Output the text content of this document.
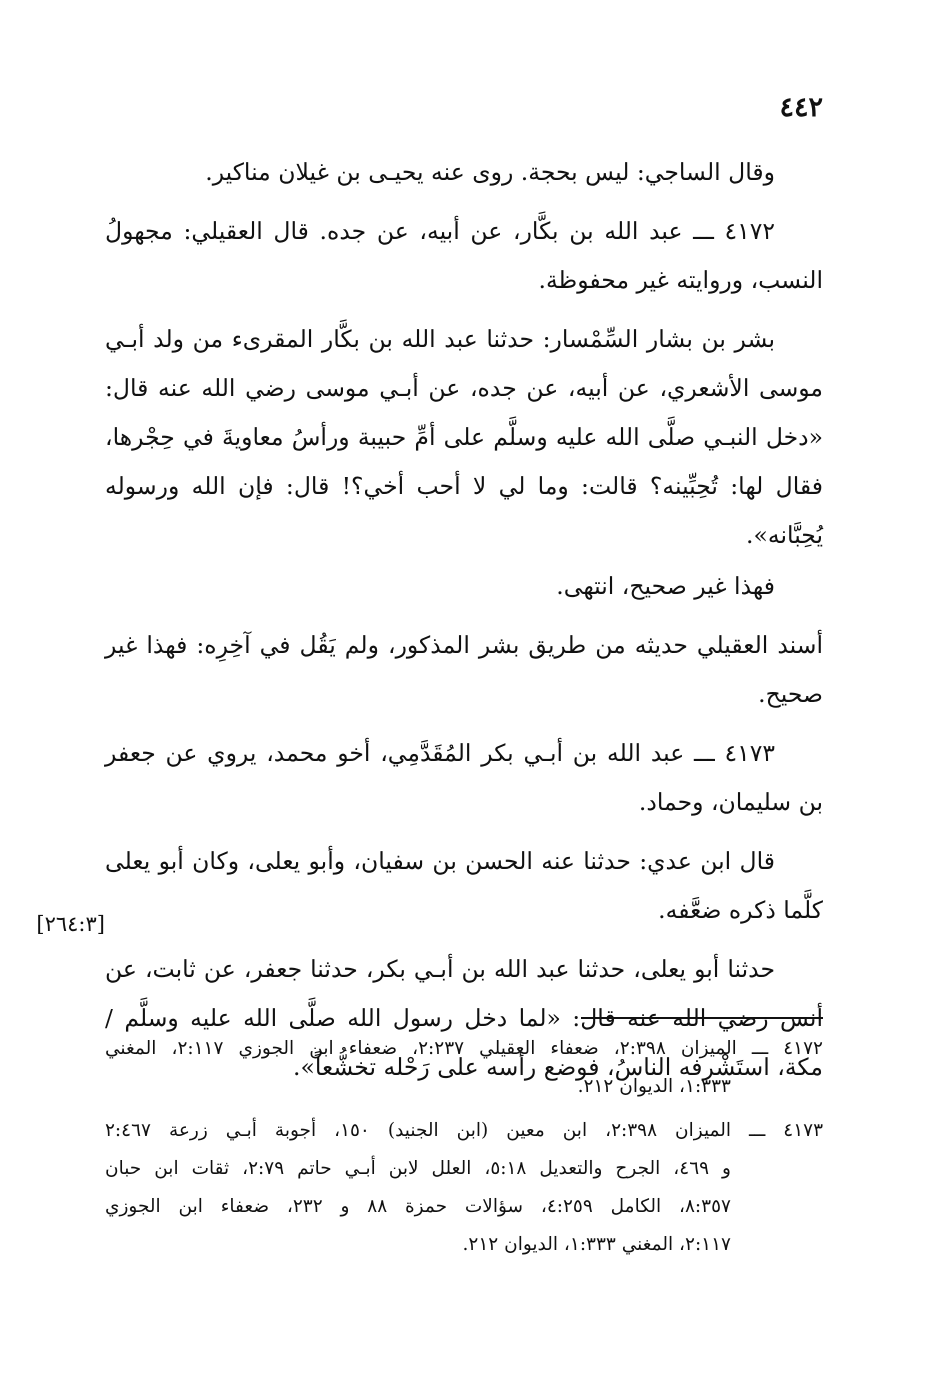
٤٤٢

وقال الساجي: ليس بحجة. روى عنه يحيـى بن غيلان مناكير.

٤١٧٢ ـــ عبد الله بن بكَّار، عن أبيه، عن جده. قال العقيلي: مجهولُ النسب، وروايته غير محفوظة.

بشر بن بشار السِّمْسار: حدثنا عبد الله بن بكَّار المقرىء من ولد أبـي موسى الأشعري، عن أبيه، عن جده، عن أبـي موسى رضي الله عنه قال: «دخل النبـي صلَّى الله عليه وسلَّم على أمِّ حبيبة ورأسُ معاويةَ في حِجْرها، فقال لها: تُحِبِّينه؟ قالت: وما لي لا أحب أخي؟! قال: فإن الله ورسوله يُحِبَّانه».

فهذا غير صحيح، انتهى.

أسند العقيلي حديثه من طريق بشر المذكور، ولم يَقُل في آخِرِه: فهذا غير صحيح.

٤١٧٣ ـــ عبد الله بن أبـي بكر المُقَدَّمِي، أخو محمد، يروي عن جعفر بن سليمان، وحماد.

قال ابن عدي: حدثنا عنه الحسن بن سفيان، وأبو يعلى، وكان أبو يعلى كلَّما ذكره ضعَّفه.

حدثنا أبو يعلى، حدثنا عبد الله بن أبـي بكر، حدثنا جعفر، عن ثابت، عن أنس رضي الله عنه قال: «لما دخل رسول الله صلَّى الله عليه وسلَّم / مكة، استَشْرفه الناسُ، فوضع رأسه على رَحْله تخشُّعاً».

[٢٦٤:٣]
٤١٧٢ ـــ الميزان ٢:٣٩٨، ضعفاء العقيلي ٢:٢٣٧، ضعفاء ابن الجوزي ٢:١١٧، المغني
١:٣٣٣، الديوان ٢١٢.
٤١٧٣ ـــ الميزان ٢:٣٩٨، ابن معين (ابن الجنيد) ١٥٠، أجوبة أبـي زرعة ٢:٤٦٧
و ٤٦٩، الجرح والتعديل ٥:١٨، العلل لابن أبـي حاتم ٢:٧٩، ثقات ابن حبان
٨:٣٥٧، الكامل ٤:٢٥٩، سؤالات حمزة ٨٨ و ٢٣٢، ضعفاء ابن الجوزي
٢:١١٧، المغني ١:٣٣٣، الديوان ٢١٢.
